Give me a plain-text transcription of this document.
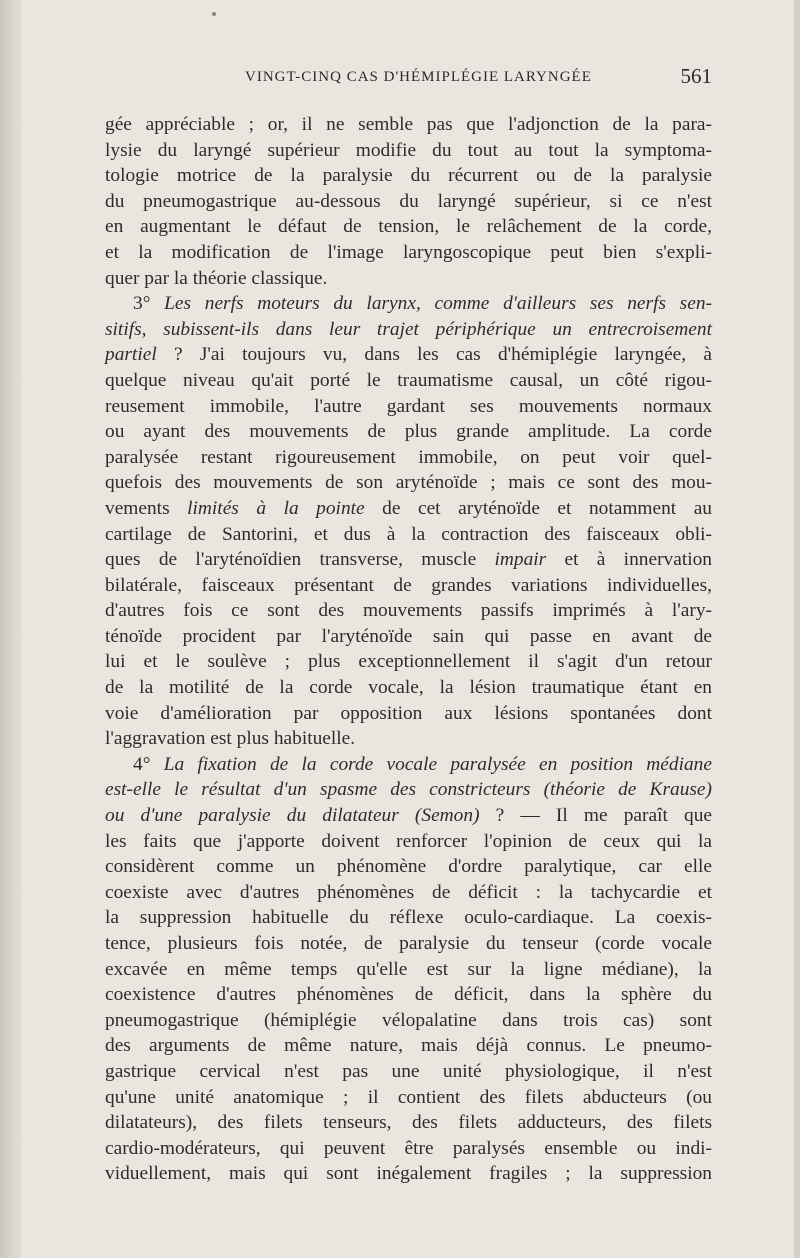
VINGT-CINQ CAS D'HÉMIPLÉGIE LARYNGÉE	561
gée appréciable ; or, il ne semble pas que l'adjonction de la para-
lysie du laryngé supérieur modifie du tout au tout la symptoma-
tologie motrice de la paralysie du récurrent ou de la paralysie
du pneumogastrique au-dessous du laryngé supérieur, si ce n'est
en augmentant le défaut de tension, le relâchement de la corde,
et la modification de l'image laryngoscopique peut bien s'expli-
quer par la théorie classique.
3° Les nerfs moteurs du larynx, comme d'ailleurs ses nerfs sen-
sitifs, subissent-ils dans leur trajet périphérique un entrecroisement
partiel ? J'ai toujours vu, dans les cas d'hémiplégie laryngée, à
quelque niveau qu'ait porté le traumatisme causal, un côté rigou-
reusement immobile, l'autre gardant ses mouvements normaux
ou ayant des mouvements de plus grande amplitude. La corde
paralysée restant rigoureusement immobile, on peut voir quel-
quefois des mouvements de son aryténoïde ; mais ce sont des mou-
vements limités à la pointe de cet aryténoïde et notamment au
cartilage de Santorini, et dus à la contraction des faisceaux obli-
ques de l'aryténoïdien transverse, muscle impair et à innervation
bilatérale, faisceaux présentant de grandes variations individuelles,
d'autres fois ce sont des mouvements passifs imprimés à l'ary-
ténoïde procident par l'aryténoïde sain qui passe en avant de
lui et le soulève ; plus exceptionnellement il s'agit d'un retour
de la motilité de la corde vocale, la lésion traumatique étant en
voie d'amélioration par opposition aux lésions spontanées dont
l'aggravation est plus habituelle.
4° La fixation de la corde vocale paralysée en position médiane
est-elle le résultat d'un spasme des constricteurs (théorie de Krause)
ou d'une paralysie du dilatateur (Semon) ? — Il me paraît que
les faits que j'apporte doivent renforcer l'opinion de ceux qui la
considèrent comme un phénomène d'ordre paralytique, car elle
coexiste avec d'autres phénomènes de déficit : la tachycardie et
la suppression habituelle du réflexe oculo-cardiaque. La coexis-
tence, plusieurs fois notée, de paralysie du tenseur (corde vocale
excavée en même temps qu'elle est sur la ligne médiane), la
coexistence d'autres phénomènes de déficit, dans la sphère du
pneumogastrique (hémiplégie vélopalatine dans trois cas) sont
des arguments de même nature, mais déjà connus. Le pneumo-
gastrique cervical n'est pas une unité physiologique, il n'est
qu'une unité anatomique ; il contient des filets abducteurs (ou
dilatateurs), des filets tenseurs, des filets adducteurs, des filets
cardio-modérateurs, qui peuvent être paralysés ensemble ou indi-
viduellement, mais qui sont inégalement fragiles ; la suppression
